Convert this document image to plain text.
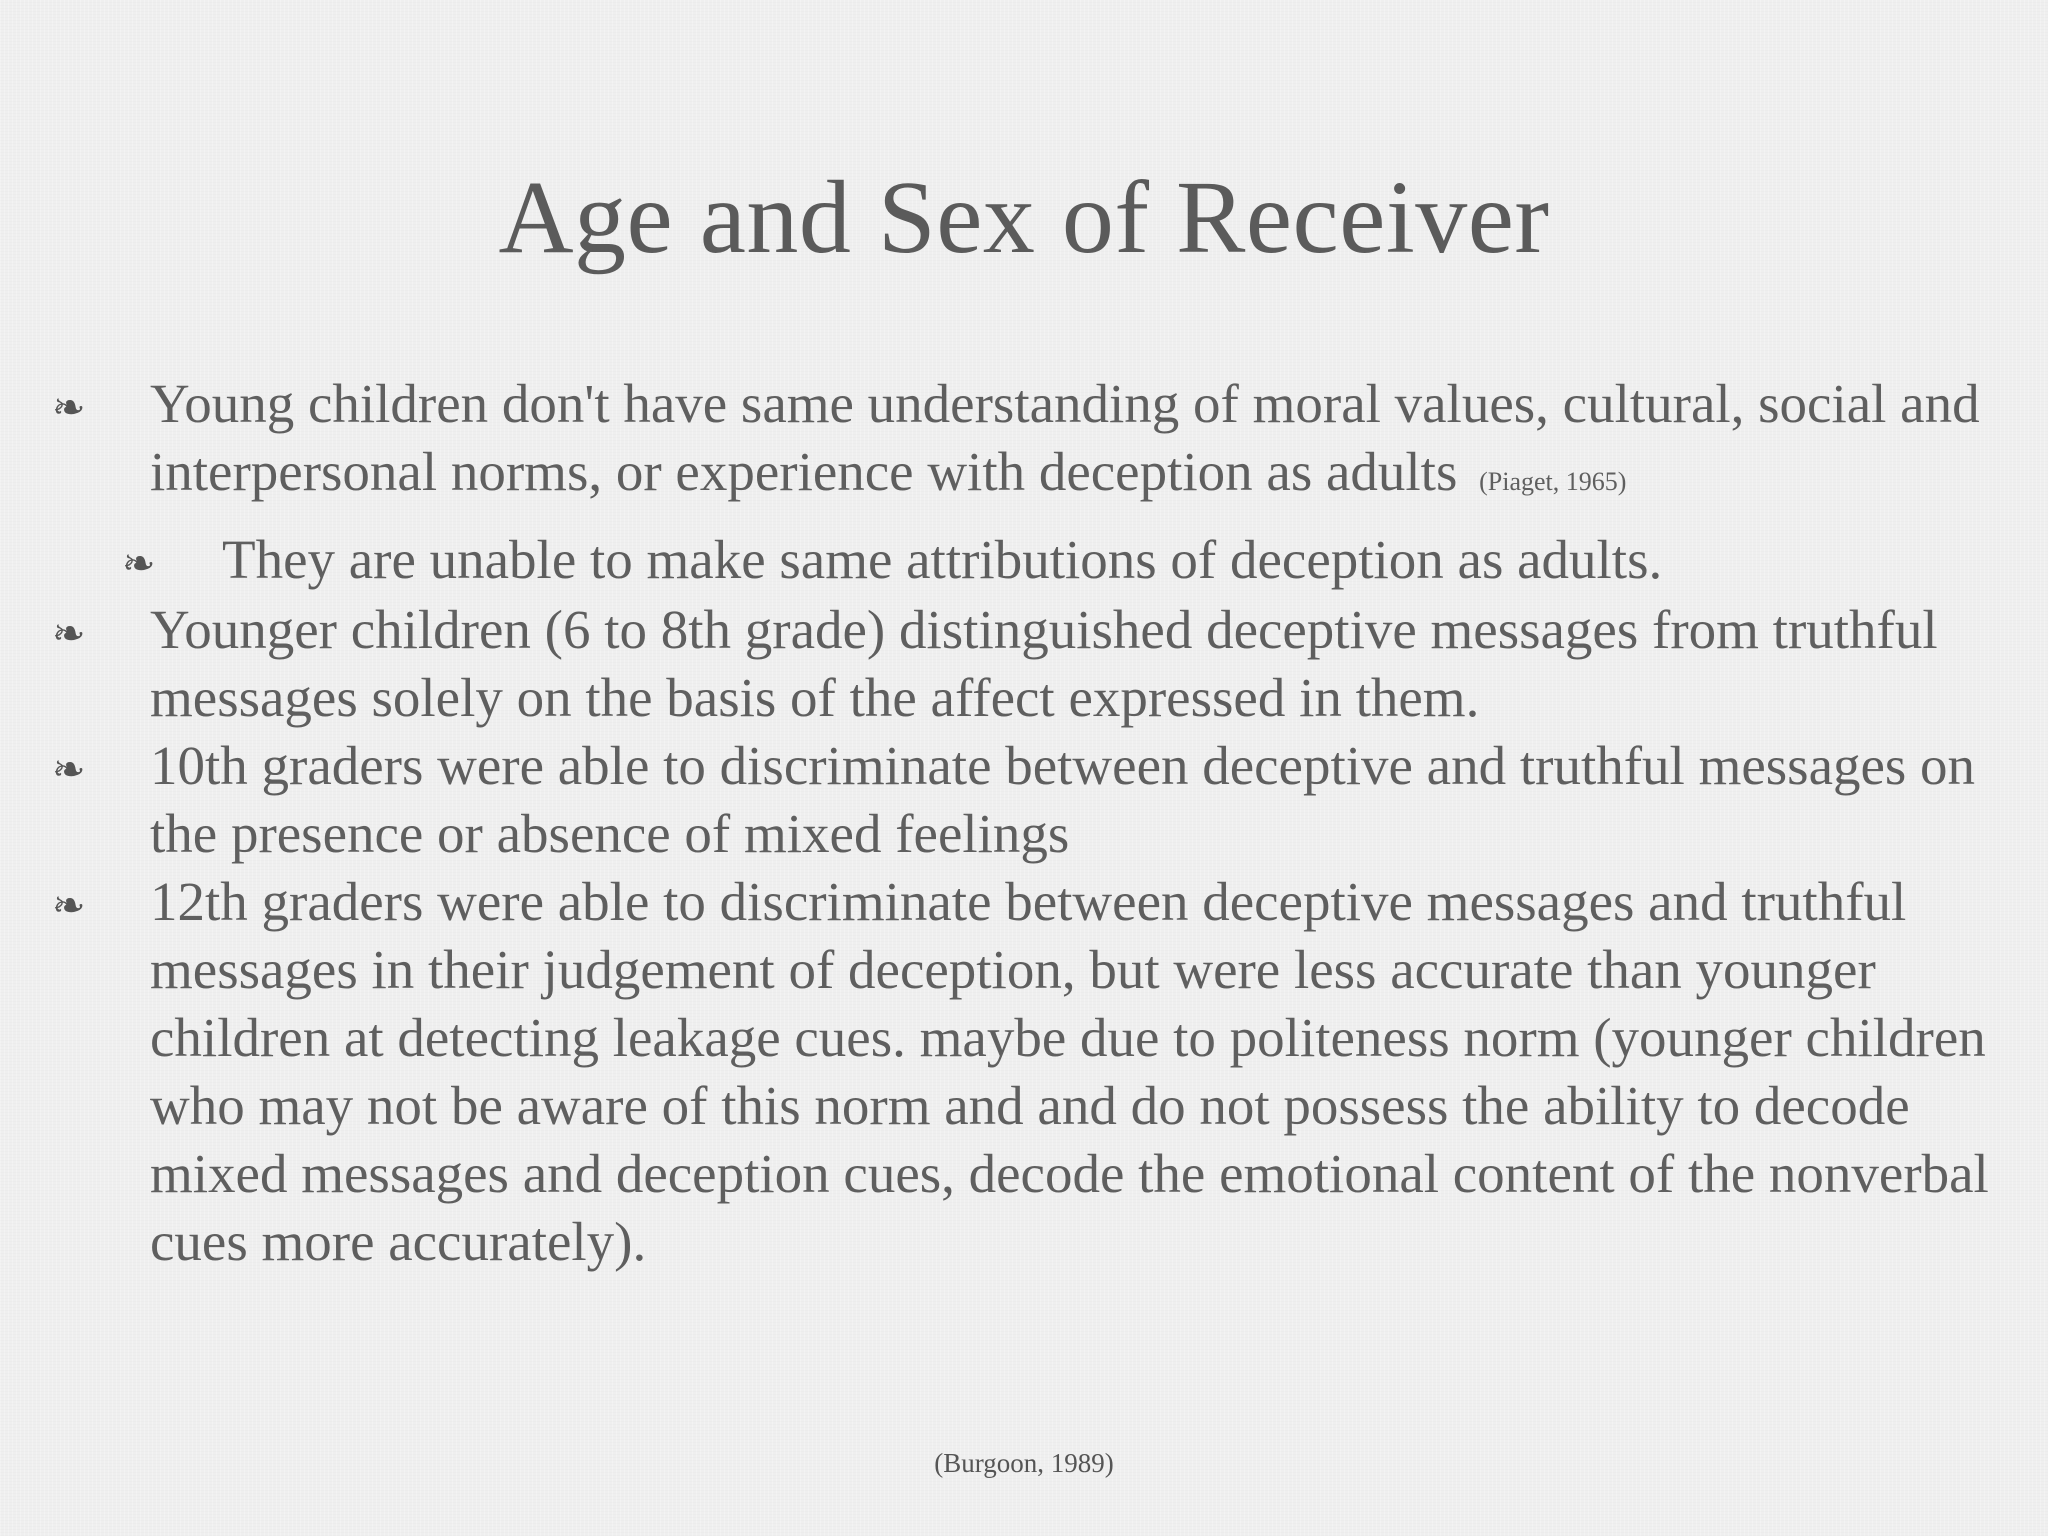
Age and Sex of Receiver
❧ Young children don't have same understanding of moral values, cultural, social and interpersonal norms, or experience with deception as adults (Piaget, 1965)
❧ They are unable to make same attributions of deception as adults.
❧ Younger children (6 to 8th grade) distinguished deceptive messages from truthful messages solely on the basis of the affect expressed in them.
❧ 10th graders were able to discriminate between deceptive and truthful messages on the presence or absence of mixed feelings
❧ 12th graders were able to discriminate between deceptive messages and truthful messages in their judgement of deception, but were less accurate than younger children at detecting leakage cues. maybe due to politeness norm (younger children who may not be aware of this norm and and do not possess the ability to decode mixed messages and deception cues, decode the emotional content of the nonverbal cues more accurately).
(Burgoon, 1989)
